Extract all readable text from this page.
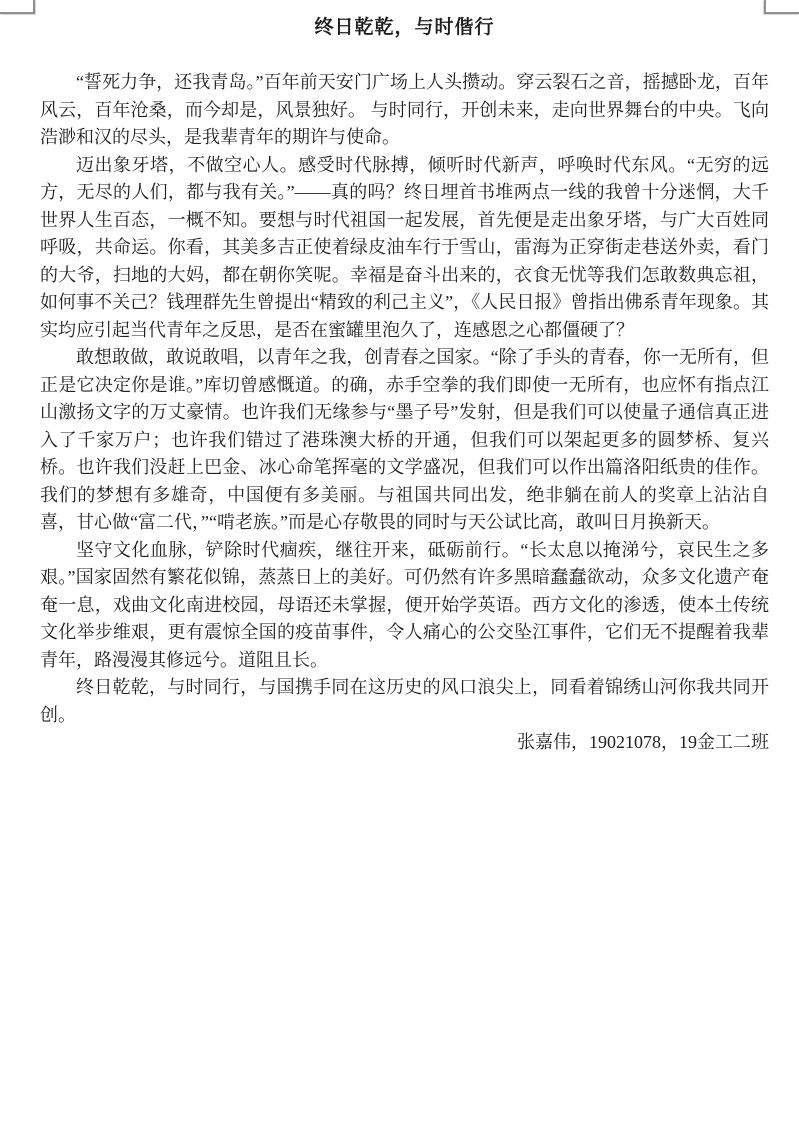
终日乾乾，与时偕行

“誓死力争，还我青岛。”百年前天安门广场上人头攒动。穿云裂石之音，摇撼卧龙，百年风云，百年沧桑，而今却是，风景独好。 与时同行，开创未来，走向世界舞台的中央。飞向浩渺和汉的尽头，是我辈青年的期许与使命。

迈出象牙塔，不做空心人。感受时代脉搏，倾听时代新声，呼唤时代东风。“无穷的远方，无尽的人们，都与我有关。”——真的吗？终日埋首书堆两点一线的我曾十分迷惘，大千世界人生百态，一概不知。要想与时代祖国一起发展，首先便是走出象牙塔，与广大百姓同呼吸，共命运。你看，其美多吉正使着绿皮油车行于雪山，雷海为正穿街走巷送外卖，看门的大爷，扫地的大妈，都在朝你笑呢。幸福是奋斗出来的，衣食无忧等我们怎敢数典忘祖，如何事不关己？钱理群先生曾提出“精致的利己主义”，《人民日报》曾指出佛系青年现象。其实均应引起当代青年之反思，是否在蜜罐里泡久了，连感恩之心都僵硬了？

敢想敢做，敢说敢唱，以青年之我，创青春之国家。“除了手头的青春，你一无所有，但正是它决定你是谁。”库切曾感慨道。的确，赤手空拳的我们即使一无所有，也应怀有指点江山激扬文字的万丈豪情。也许我们无缘参与“墨子号”发射，但是我们可以使量子通信真正进入了千家万户；也许我们错过了港珠澳大桥的开通，但我们可以架起更多的圆梦桥、复兴桥。也许我们没赶上巴金、冰心命笔挥毫的文学盛况，但我们可以作出篇洛阳纸贵的佳作。我们的梦想有多雄奇，中国便有多美丽。与祖国共同出发，绝非躺在前人的奖章上沾沾自喜，甘心做“富二代，”“啃老族。”而是心存敬畏的同时与天公试比高，敢叫日月换新天。

坚守文化血脉，铲除时代痼疾，继往开来，砥砺前行。“长太息以掩涕兮，哀民生之多艰。”国家固然有繁花似锦，蒸蒸日上的美好。可仍然有许多黑暗蠢蠢欲动，众多文化遗产奄奄一息，戏曲文化南进校园，母语还未掌握，便开始学英语。西方文化的渗透，使本土传统文化举步维艰，更有震惊全国的疫苗事件，令人痛心的公交坠江事件，它们无不提醒着我辈青年，路漫漫其修远兮。道阻且长。

终日乾乾，与时同行，与国携手同在这历史的风口浪尖上，同看着锦绣山河你我共同开创。

张嘉伟，19021078，19金工二班
